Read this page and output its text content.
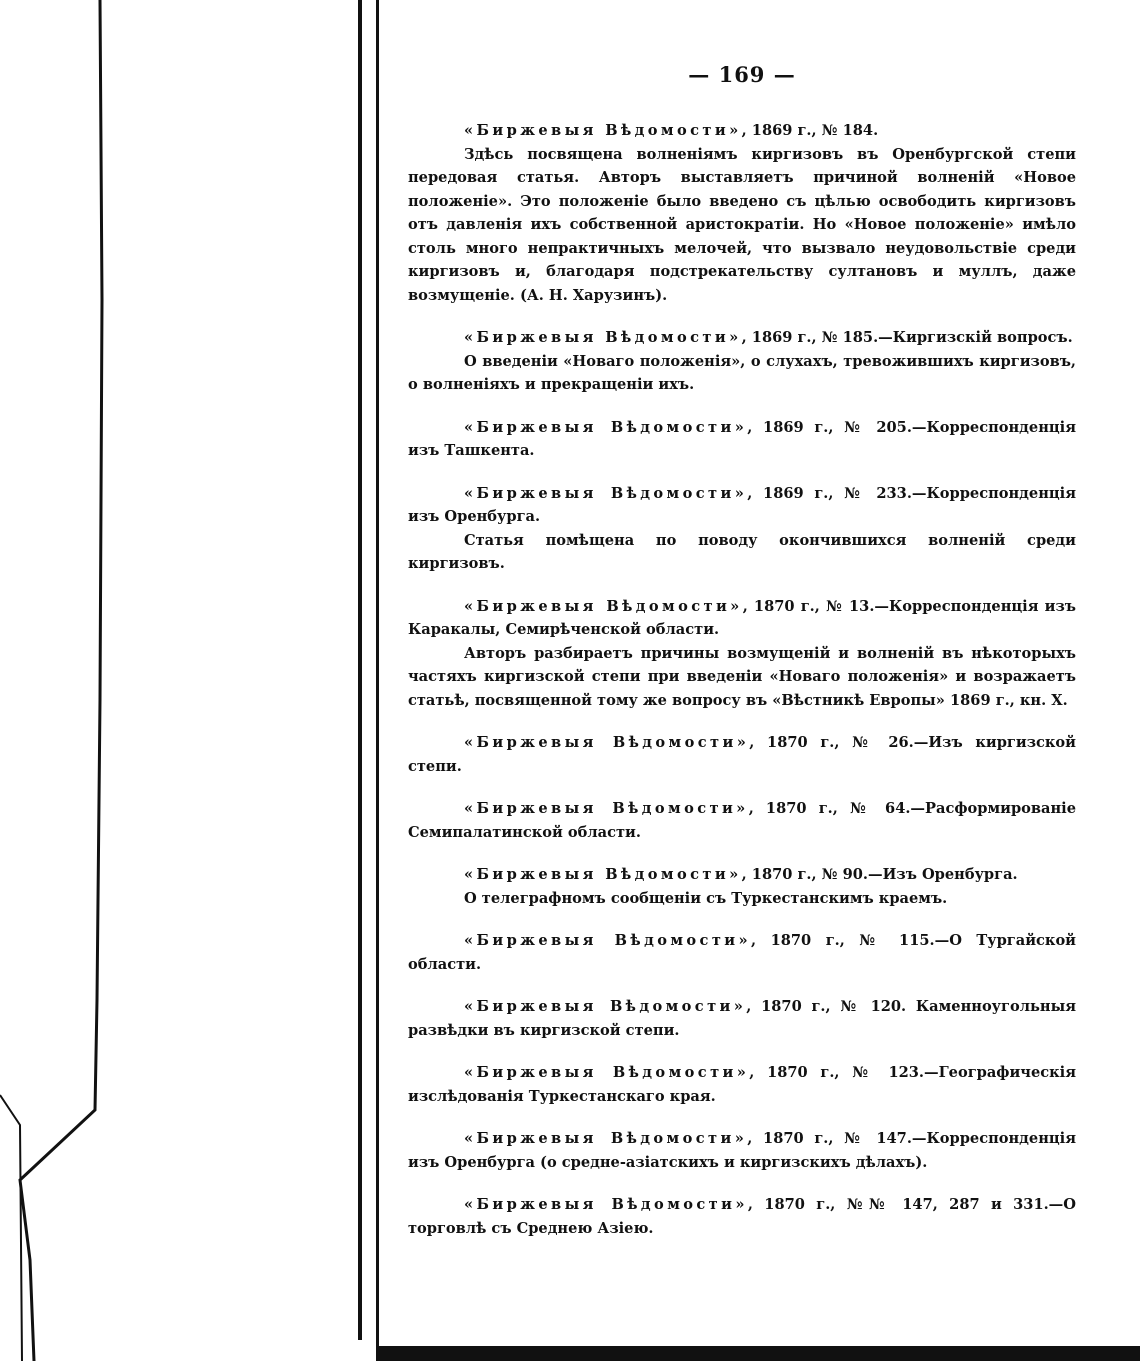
— 169 —

«Биржевыя Вѣдомости», 1869 г., № 184.

Здѣсь посвящена волненіямъ киргизовъ въ Оренбургской степи передовая статья. Авторъ выставляетъ причиной волненій «Новое положеніе». Это положеніе было введено съ цѣлью освободить киргизовъ отъ давленія ихъ собственной аристократіи. Но «Новое положеніе» имѣло столь много непрактичныхъ мелочей, что вызвало неудовольствіе среди киргизовъ и, благодаря подстрекательству султановъ и муллъ, даже возмущеніе. (А. Н. Харузинъ).

«Биржевыя Вѣдомости», 1869 г., № 185.—Киргизскій вопросъ.

О введеніи «Новаго положенія», о слухахъ, тревожившихъ киргизовъ, о волненіяхъ и прекращеніи ихъ.

«Биржевыя Вѣдомости», 1869 г., № 205.—Корреспонденція изъ Ташкента.

«Биржевыя Вѣдомости», 1869 г., № 233.—Корреспонденція изъ Оренбурга.

Статья помѣщена по поводу окончившихся волненій среди киргизовъ.

«Биржевыя Вѣдомости», 1870 г., № 13.—Корреспонденція изъ Каракалы, Семирѣченской области.

Авторъ разбираетъ причины возмущеній и волненій въ нѣкоторыхъ частяхъ киргизской степи при введеніи «Новаго положенія» и возражаетъ статьѣ, посвященной тому же вопросу въ «Вѣстникѣ Европы» 1869 г., кн. X.

«Биржевыя Вѣдомости», 1870 г., № 26.—Изъ киргизской степи.

«Биржевыя Вѣдомости», 1870 г., № 64.—Расформированіе Семипалатинской области.

«Биржевыя Вѣдомости», 1870 г., № 90.—Изъ Оренбурга.

О телеграфномъ сообщеніи съ Туркестанскимъ краемъ.

«Биржевыя Вѣдомости», 1870 г., № 115.—О Тургайской области.

«Биржевыя Вѣдомости», 1870 г., № 120. Каменноугольныя развѣдки въ киргизской степи.

«Биржевыя Вѣдомости», 1870 г., № 123.—Географическія изслѣдованія Туркестанскаго края.

«Биржевыя Вѣдомости», 1870 г., № 147.—Корреспонденція изъ Оренбурга (о средне-азіатскихъ и киргизскихъ дѣлахъ).

«Биржевыя Вѣдомости», 1870 г., №№ 147, 287 и 331.—О торговлѣ съ Среднею Азіею.
